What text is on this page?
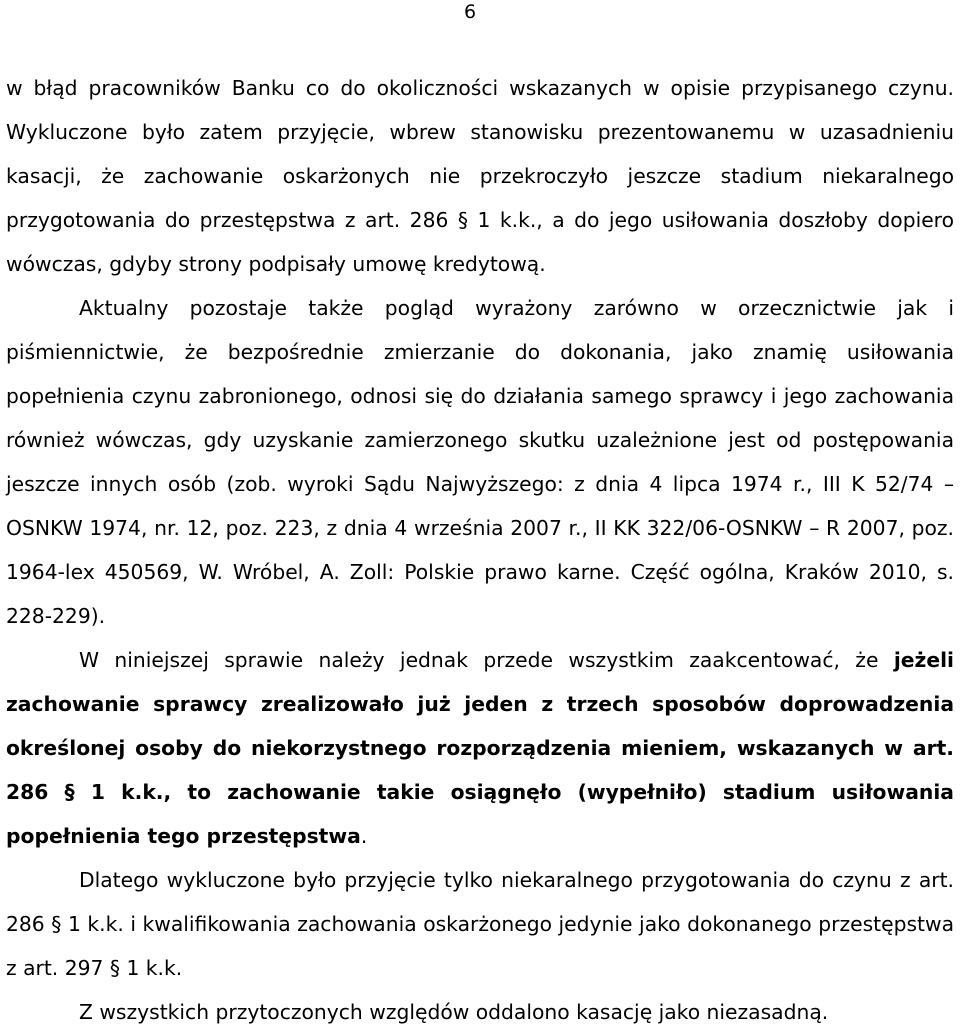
6

w błąd pracowników Banku co do okoliczności wskazanych w opisie przypisanego czynu. Wykluczone było zatem przyjęcie, wbrew stanowisku prezentowanemu w uzasadnieniu kasacji, że zachowanie oskarżonych nie przekroczyło jeszcze stadium niekaralnego przygotowania do przestępstwa z art. 286 § 1 k.k., a do jego usiłowania doszłoby dopiero wówczas, gdyby strony podpisały umowę kredytową.

Aktualny pozostaje także pogląd wyrażony zarówno w orzecznictwie jak i piśmiennictwie, że bezpośrednie zmierzanie do dokonania, jako znamię usiłowania popełnienia czynu zabronionego, odnosi się do działania samego sprawcy i jego zachowania również wówczas, gdy uzyskanie zamierzonego skutku uzależnione jest od postępowania jeszcze innych osób (zob. wyroki Sądu Najwyższego: z dnia 4 lipca 1974 r., III K 52/74 – OSNKW 1974, nr. 12, poz. 223, z dnia 4 września 2007 r., II KK 322/06-OSNKW – R 2007, poz. 1964-lex 450569, W. Wróbel, A. Zoll: Polskie prawo karne. Część ogólna, Kraków 2010, s. 228-229).

W niniejszej sprawie należy jednak przede wszystkim zaakcentować, że jeżeli zachowanie sprawcy zrealizowało już jeden z trzech sposobów doprowadzenia określonej osoby do niekorzystnego rozporządzenia mieniem, wskazanych w art. 286 § 1 k.k., to zachowanie takie osiągnęło (wypełniło) stadium usiłowania popełnienia tego przestępstwa.

Dlatego wykluczone było przyjęcie tylko niekaralnego przygotowania do czynu z art. 286 § 1 k.k. i kwalifikowania zachowania oskarżonego jedynie jako dokonanego przestępstwa z art. 297 § 1 k.k.

Z wszystkich przytoczonych względów oddalono kasację jako niezasadną.
